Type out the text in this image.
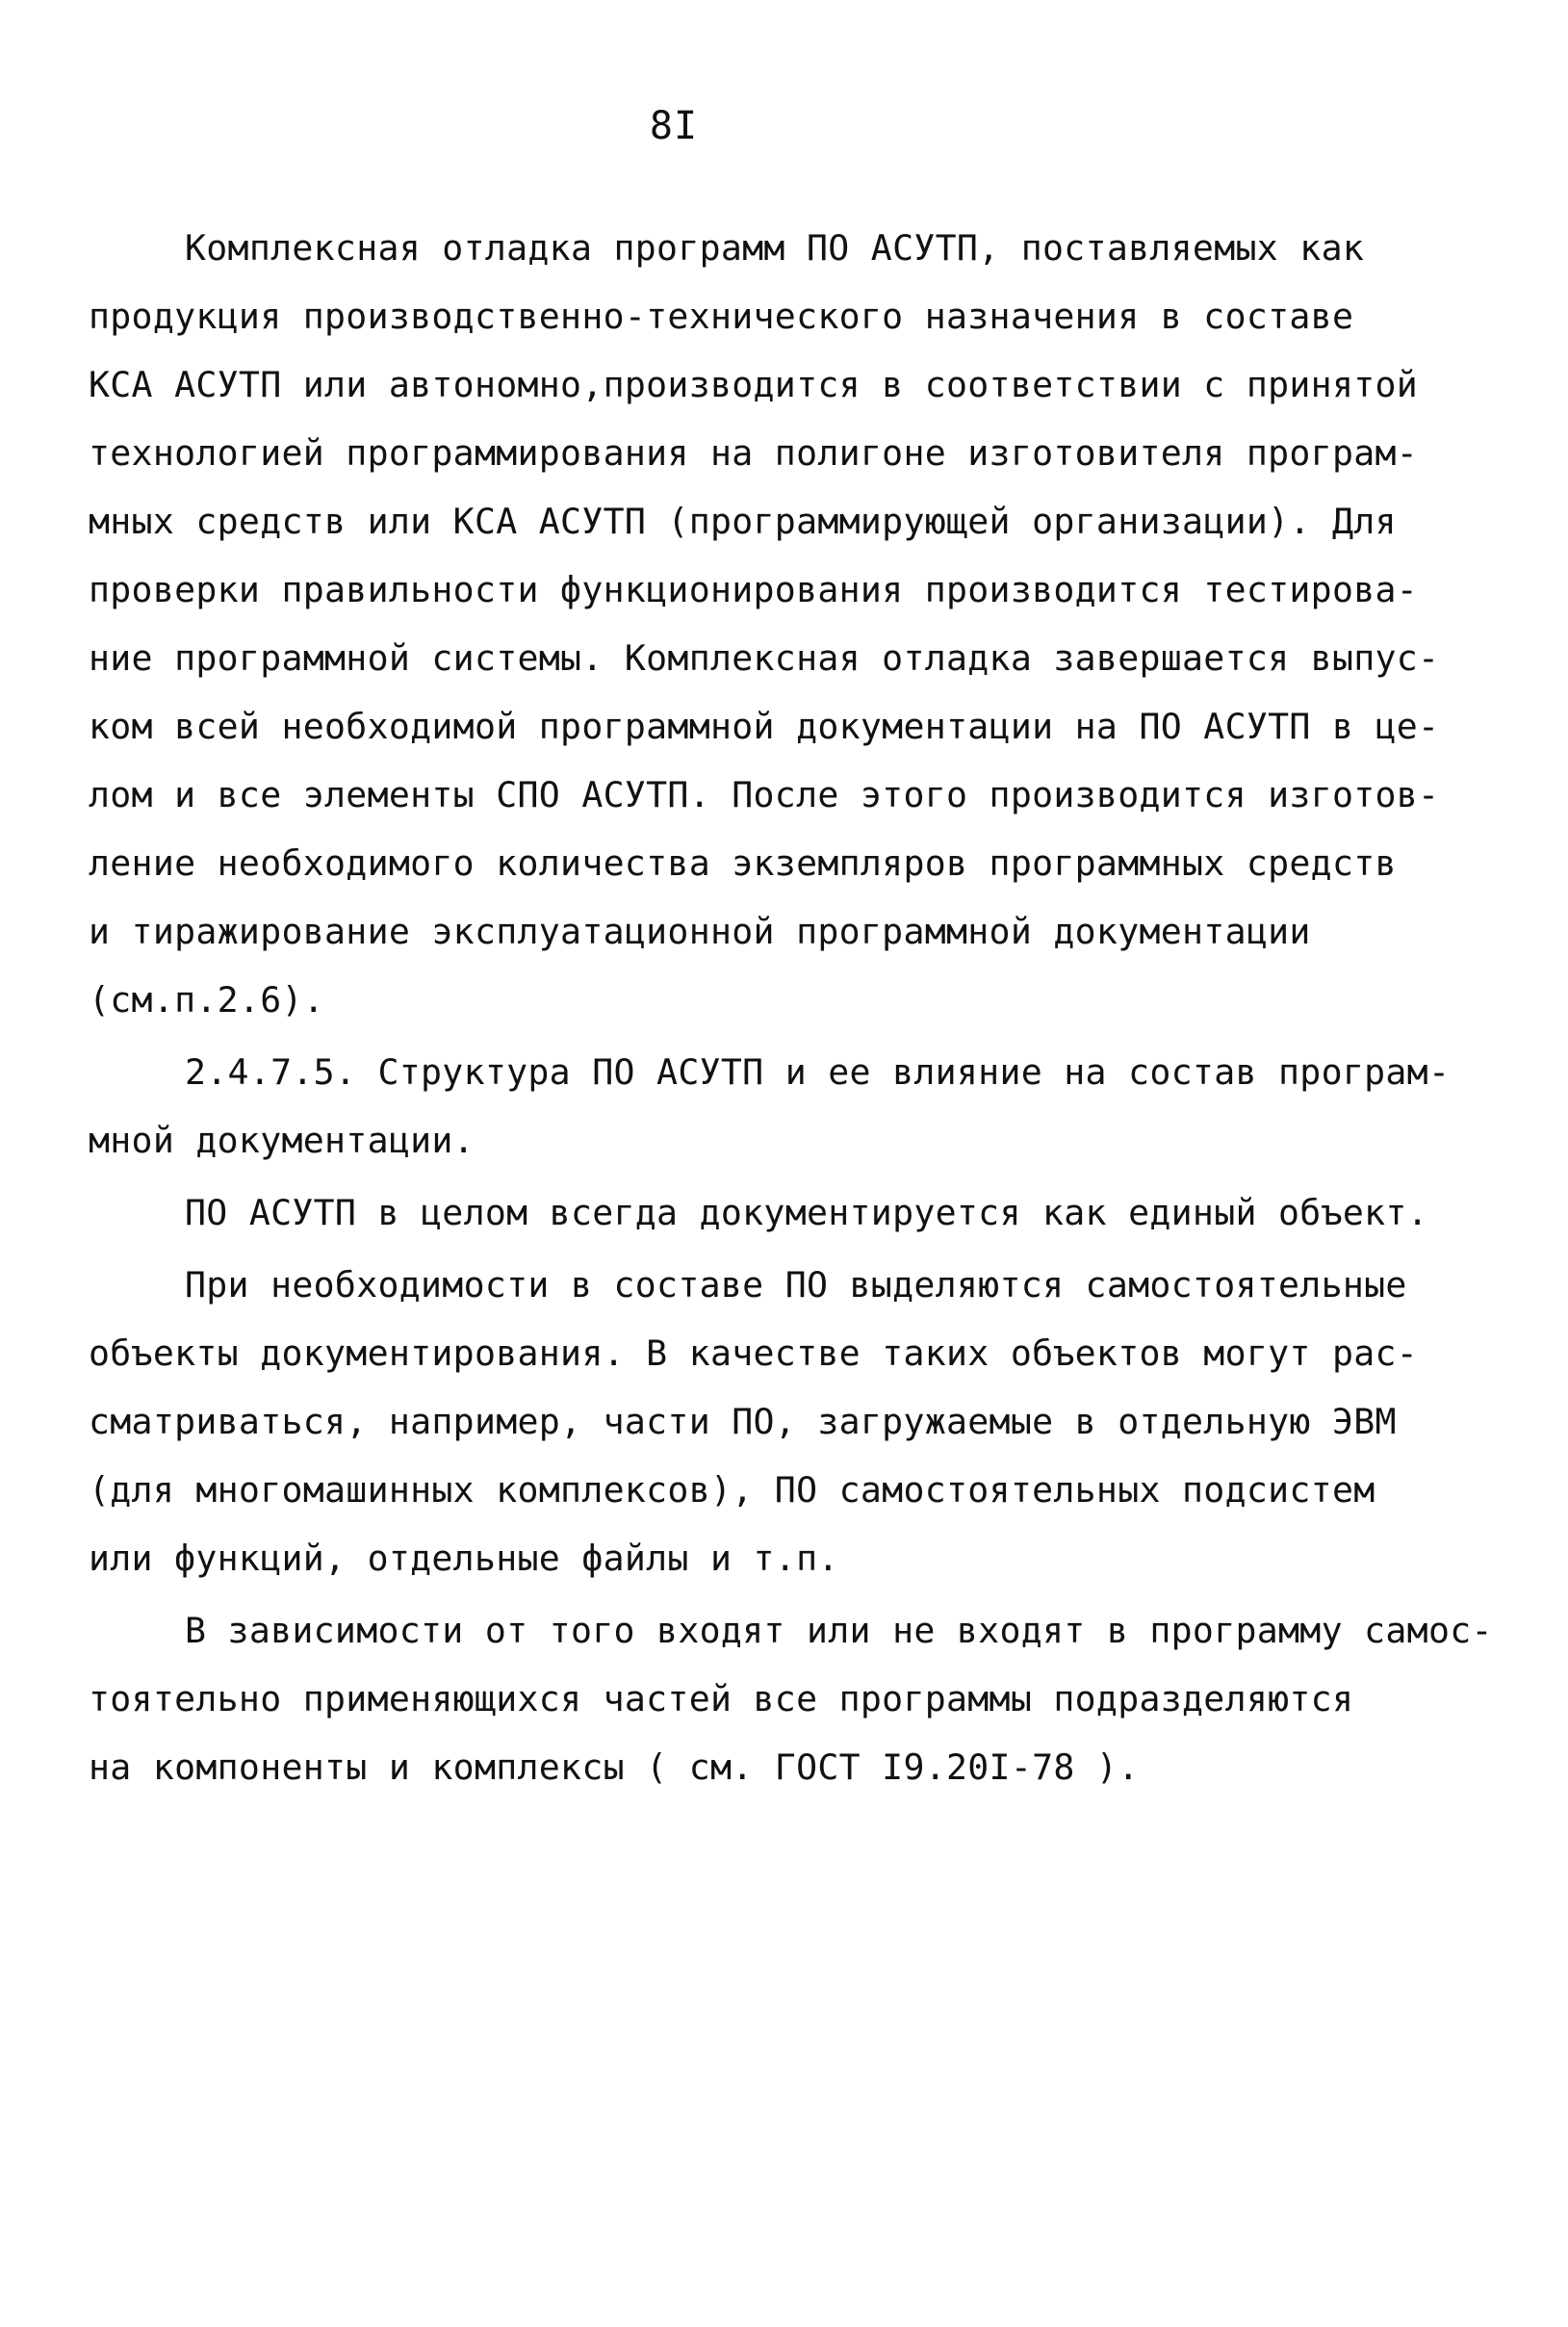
8I
Комплексная отладка программ ПО АСУТП, поставляемых как
продукция производственно-технического назначения в составе
КСА АСУТП или автономно,производится в соответствии с принятой
технологией программирования на полигоне изготовителя програм-
мных средств или КСА АСУТП (программирующей организации). Для
проверки правильности функционирования производится тестирова-
ние программной системы. Комплексная отладка завершается выпус-
ком всей необходимой программной документации на ПО АСУТП в це-
лом и все элементы СПО АСУТП. После этого производится изготов-
ление необходимого количества экземпляров программных средств
и тиражирование эксплуатационной программной документации
(см.п.2.6).
2.4.7.5. Структура ПО АСУТП и ее влияние на состав програм-
мной документации.
ПО АСУТП в целом всегда документируется как единый объект.
При необходимости в составе ПО выделяются самостоятельные
объекты документирования. В качестве таких объектов могут рас-
сматриваться, например, части ПО, загружаемые в отдельную ЭВМ
(для многомашинных комплексов), ПО самостоятельных подсистем
или функций, отдельные файлы и т.п.
В зависимости от того входят или не входят в программу самос-
тоятельно применяющихся частей все программы подразделяются
на компоненты и комплексы ( см. ГОСТ I9.20I-78 ).
